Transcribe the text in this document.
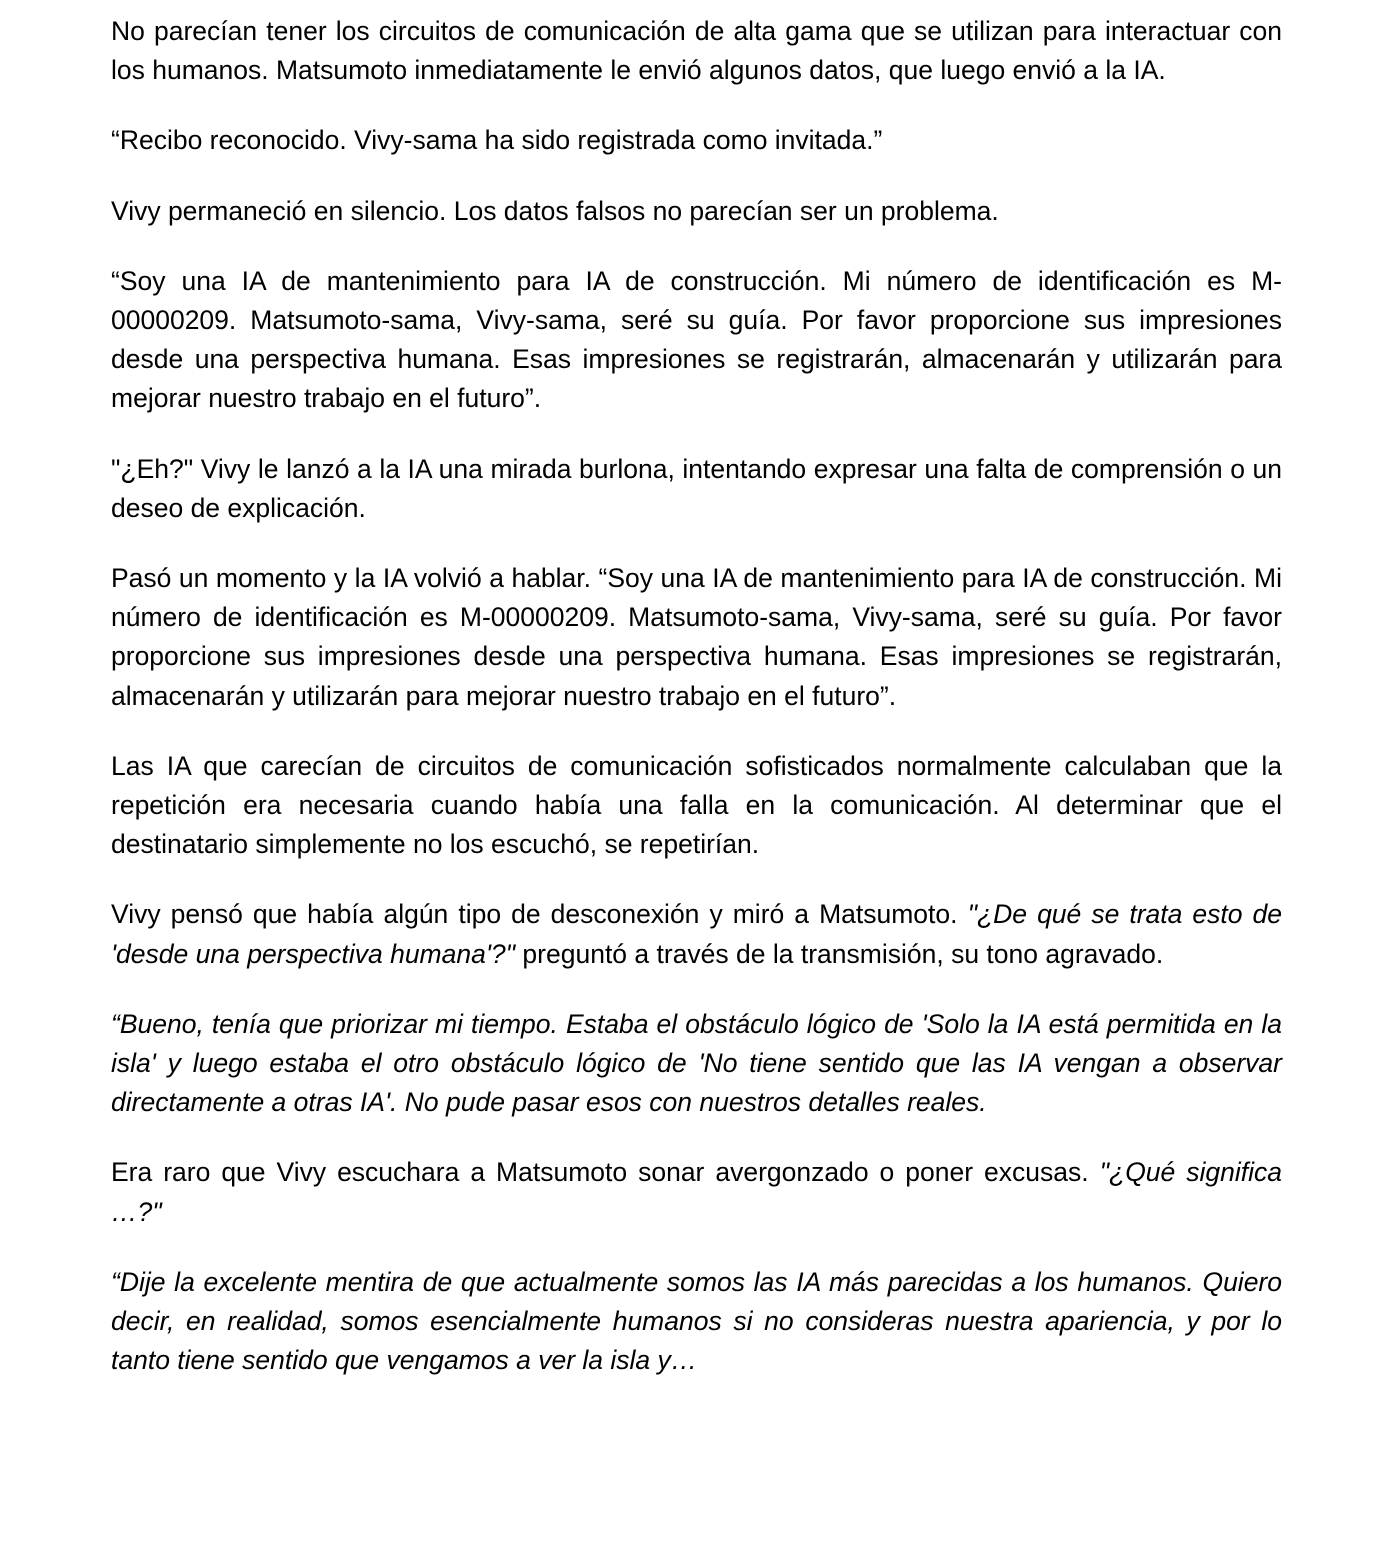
No parecían tener los circuitos de comunicación de alta gama que se utilizan para interactuar con los humanos. Matsumoto inmediatamente le envió algunos datos, que luego envió a la IA.

“Recibo reconocido. Vivy-sama ha sido registrada como invitada.”

Vivy permaneció en silencio. Los datos falsos no parecían ser un problema.

“Soy una IA de mantenimiento para IA de construcción. Mi número de identificación es M-00000209. Matsumoto-sama, Vivy-sama, seré su guía. Por favor proporcione sus impresiones desde una perspectiva humana. Esas impresiones se registrarán, almacenarán y utilizarán para mejorar nuestro trabajo en el futuro”.

"¿Eh?" Vivy le lanzó a la IA una mirada burlona, intentando expresar una falta de comprensión o un deseo de explicación.

Pasó un momento y la IA volvió a hablar. “Soy una IA de mantenimiento para IA de construcción. Mi número de identificación es M-00000209. Matsumoto-sama, Vivy-sama, seré su guía. Por favor proporcione sus impresiones desde una perspectiva humana. Esas impresiones se registrarán, almacenarán y utilizarán para mejorar nuestro trabajo en el futuro”.

Las IA que carecían de circuitos de comunicación sofisticados normalmente calculaban que la repetición era necesaria cuando había una falla en la comunicación. Al determinar que el destinatario simplemente no los escuchó, se repetirían.

Vivy pensó que había algún tipo de desconexión y miró a Matsumoto. "¿De qué se trata esto de 'desde una perspectiva humana'?" preguntó a través de la transmisión, su tono agravado.

“Bueno, tenía que priorizar mi tiempo. Estaba el obstáculo lógico de 'Solo la IA está permitida en la isla' y luego estaba el otro obstáculo lógico de 'No tiene sentido que las IA vengan a observar directamente a otras IA'. No pude pasar esos con nuestros detalles reales.

Era raro que Vivy escuchara a Matsumoto sonar avergonzado o poner excusas. "¿Qué significa …?"

“Dije la excelente mentira de que actualmente somos las IA más parecidas a los humanos. Quiero decir, en realidad, somos esencialmente humanos si no consideras nuestra apariencia, y por lo tanto tiene sentido que vengamos a ver la isla y…
